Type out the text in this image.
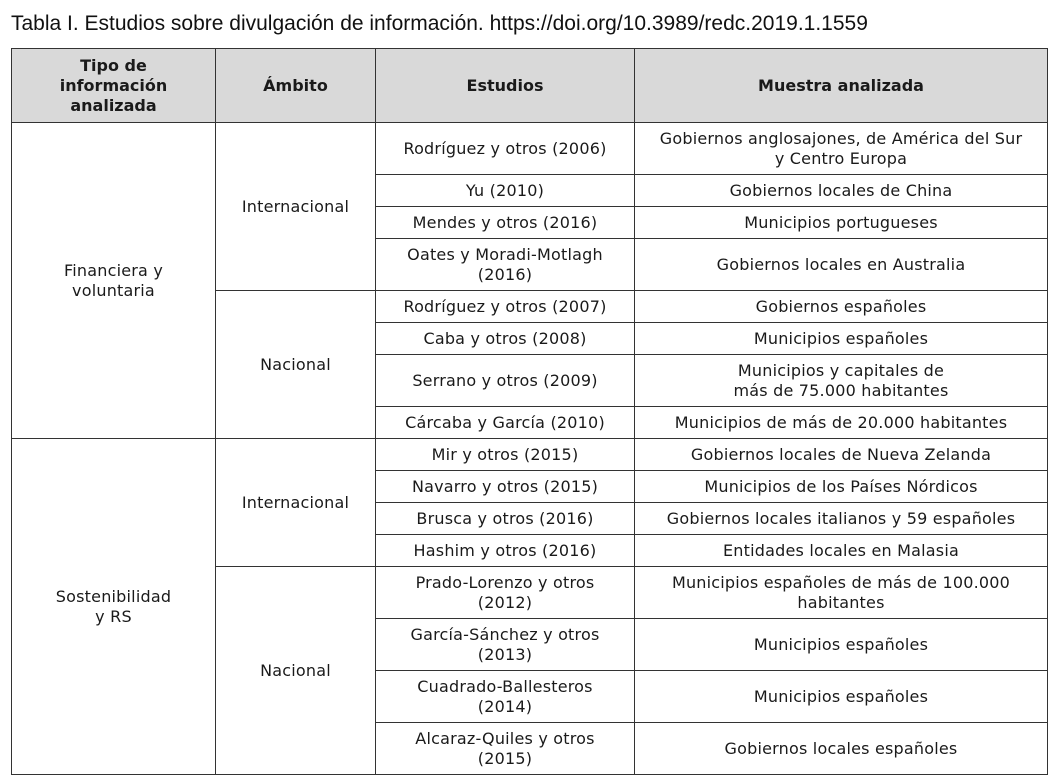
Tabla I. Estudios sobre divulgación de información. https://doi.org/10.3989/redc.2019.1.1559
Tipo de
información
analizada	Ámbito	Estudios	Muestra analizada

Financiera y
voluntaria	Internacional	Rodríguez y otros (2006)	Gobiernos anglosajones, de América del Sur
y Centro Europa

		Yu (2010)	Gobiernos locales de China

		Mendes y otros (2016)	Municipios portugueses

		Oates y Moradi-Motlagh
(2016)	Gobiernos locales en Australia

	Nacional	Rodríguez y otros (2007)	Gobiernos españoles

		Caba y otros (2008)	Municipios españoles

		Serrano y otros (2009)	Municipios y capitales de
más de 75.000 habitantes

		Cárcaba y García (2010)	Municipios de más de 20.000 habitantes

Sostenibilidad
y RS	Internacional	Mir y otros (2015)	Gobiernos locales de Nueva Zelanda

		Navarro y otros (2015)	Municipios de los Países Nórdicos

		Brusca y otros (2016)	Gobiernos locales italianos y 59 españoles

		Hashim y otros (2016)	Entidades locales en Malasia

	Nacional	Prado-Lorenzo y otros
(2012)	Municipios españoles de más de 100.000
habitantes

		García-Sánchez y otros
(2013)	Municipios españoles

		Cuadrado-Ballesteros
(2014)	Municipios españoles

		Alcaraz-Quiles y otros
(2015)	Gobiernos locales españoles
